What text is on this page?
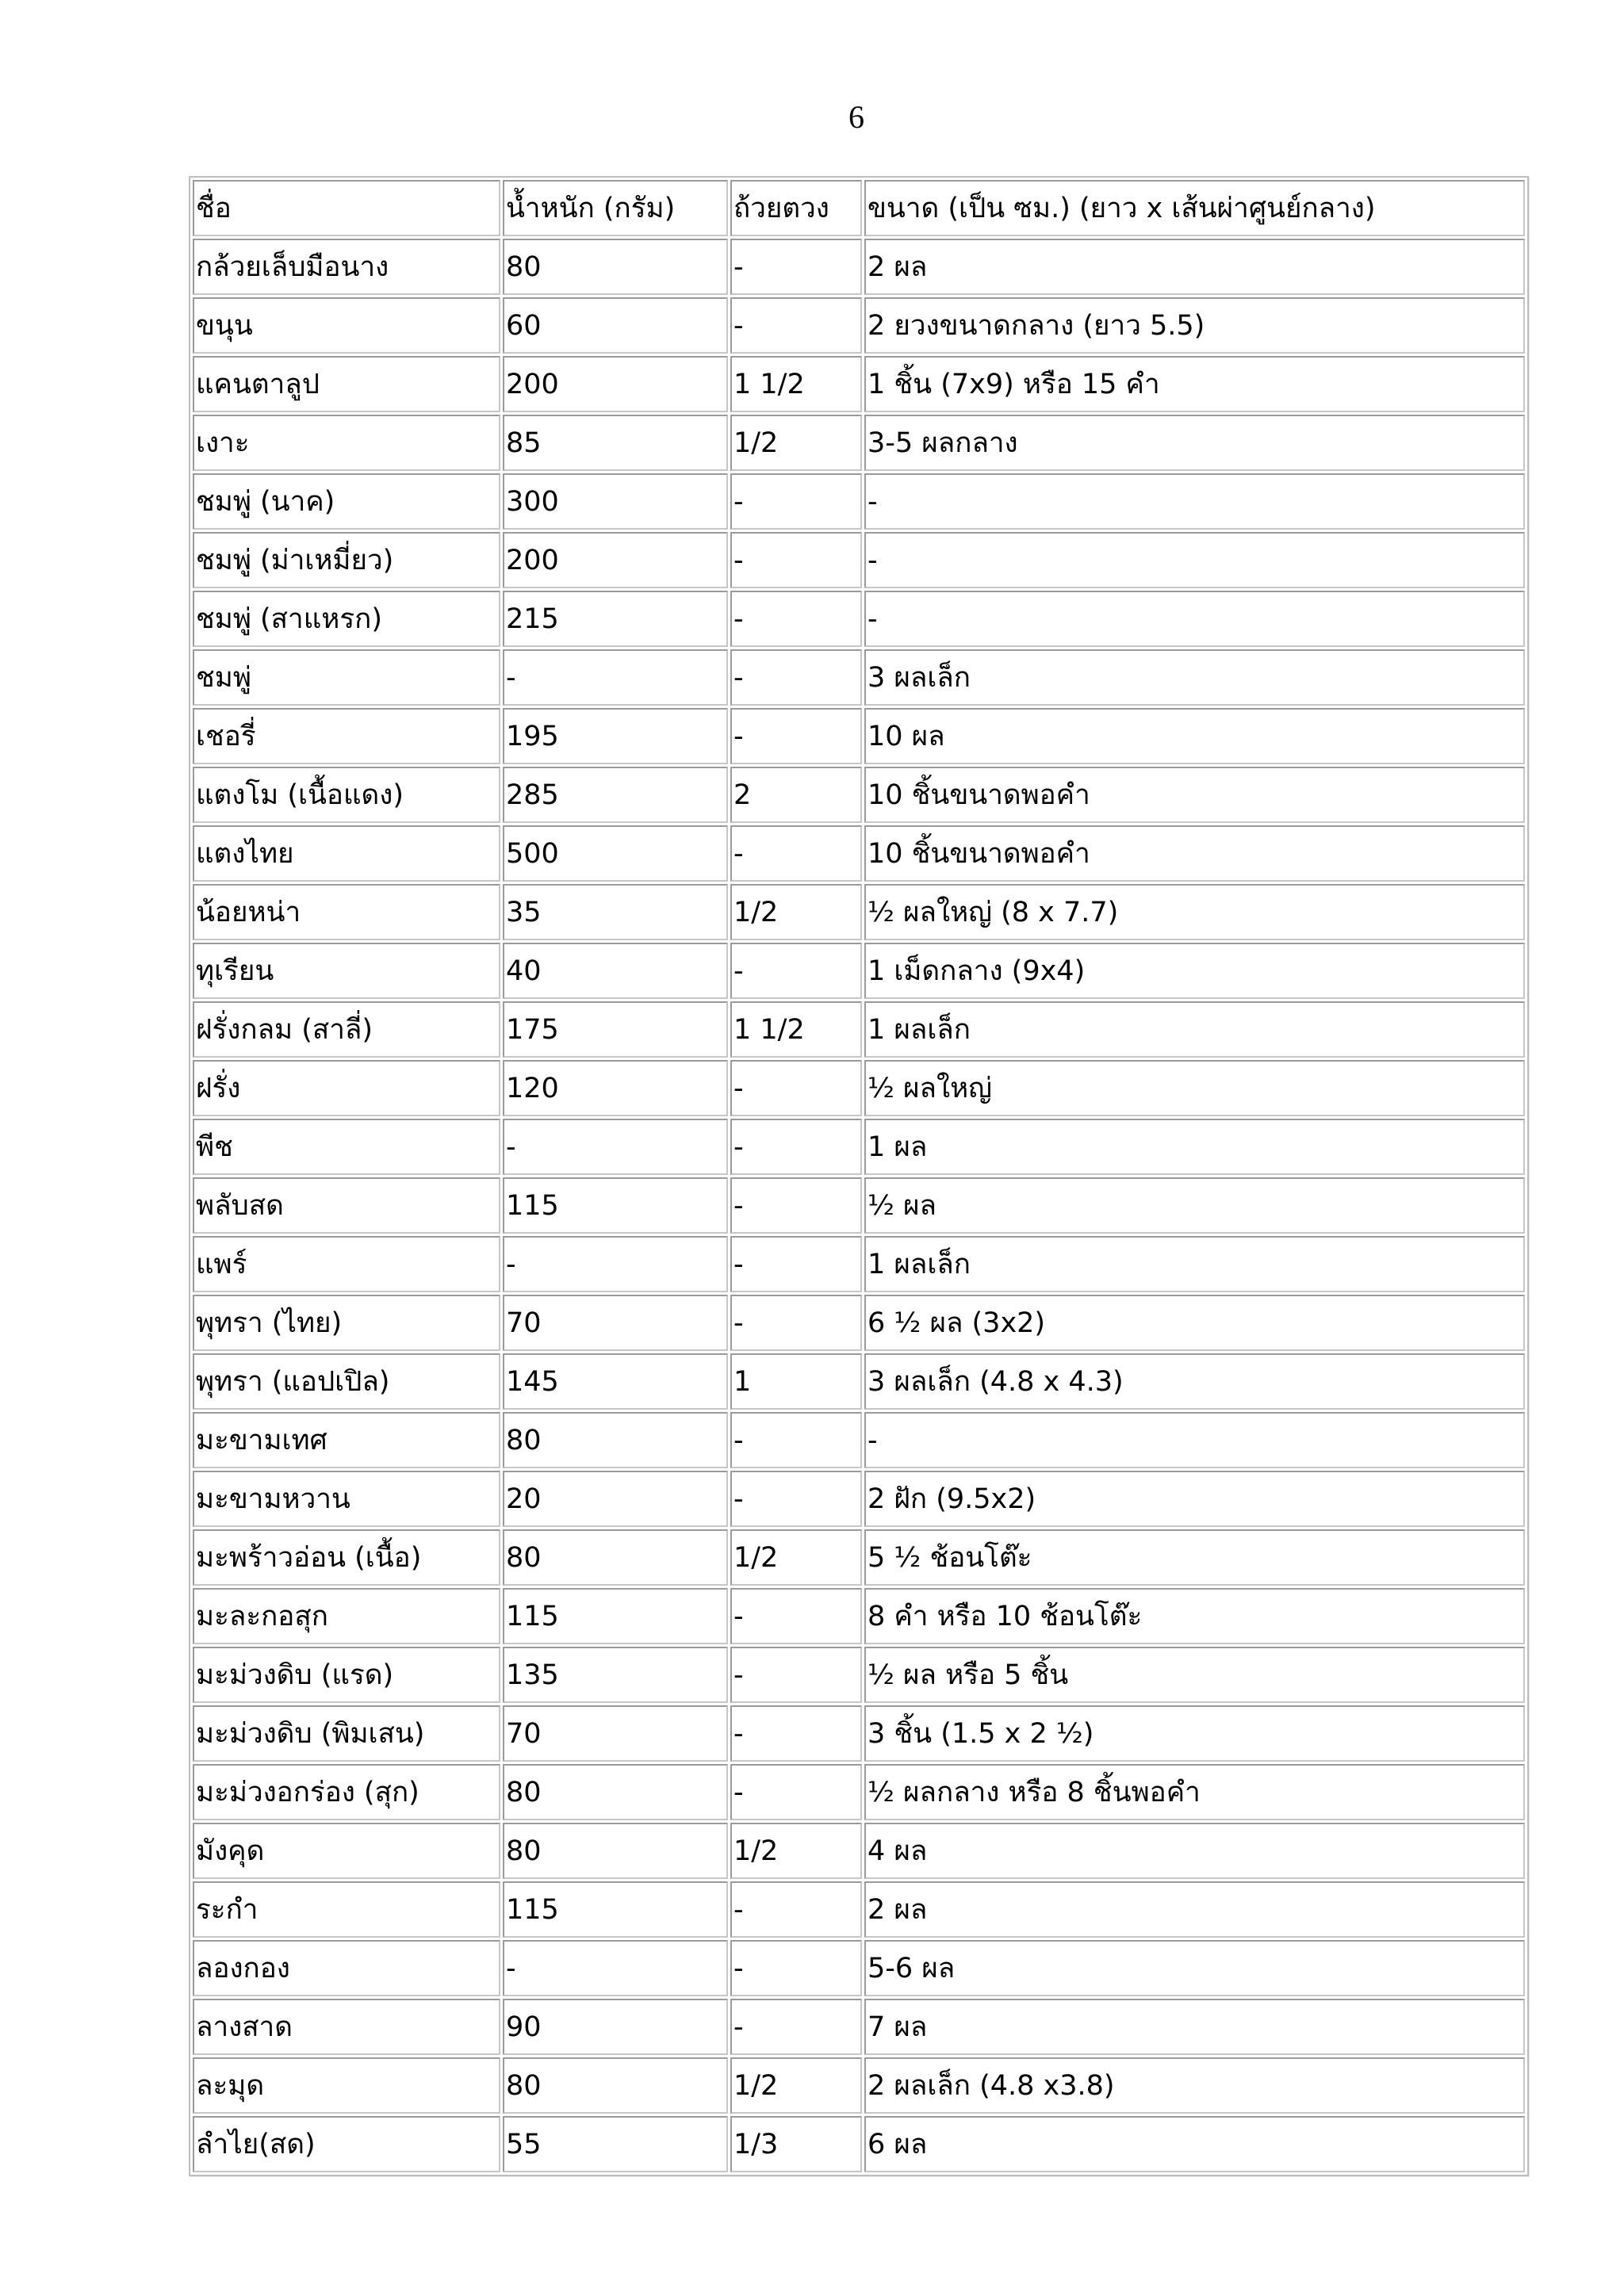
6
ชื่อ	น้ำหนัก (กรัม)	ถ้วยตวง	ขนาด (เป็น ซม.) (ยาว x เส้นผ่าศูนย์กลาง)
กล้วยเล็บมือนาง	80	-	2 ผล
ขนุน	60	-	2 ยวงขนาดกลาง (ยาว 5.5)
แคนตาลูป	200	1 1/2	1 ชิ้น (7x9) หรือ 15 คำ
เงาะ	85	1/2	3-5 ผลกลาง
ชมพู่ (นาค)	300	-	-
ชมพู่ (ม่าเหมี่ยว)	200	-	-
ชมพู่ (สาแหรก)	215	-	-
ชมพู่	-	-	3 ผลเล็ก
เชอรี่	195	-	10 ผล
แตงโม (เนื้อแดง)	285	2	10 ชิ้นขนาดพอคำ
แตงไทย	500	-	10 ชิ้นขนาดพอคำ
น้อยหน่า	35	1/2	½ ผลใหญ่ (8 x 7.7)
ทุเรียน	40	-	1 เม็ดกลาง (9x4)
ฝรั่งกลม (สาลี่)	175	1 1/2	1 ผลเล็ก
ฝรั่ง	120	-	½ ผลใหญ่
พีช	-	-	1 ผล
พลับสด	115	-	½ ผล
แพร์	-	-	1 ผลเล็ก
พุทรา (ไทย)	70	-	6 ½ ผล (3x2)
พุทรา (แอปเปิล)	145	1	3 ผลเล็ก (4.8 x 4.3)
มะขามเทศ	80	-	-
มะขามหวาน	20	-	2 ฝัก (9.5x2)
มะพร้าวอ่อน (เนื้อ)	80	1/2	5 ½ ช้อนโต๊ะ
มะละกอสุก	115	-	8 คำ หรือ 10 ช้อนโต๊ะ
มะม่วงดิบ (แรด)	135	-	½ ผล หรือ 5 ชิ้น
มะม่วงดิบ (พิมเสน)	70	-	3 ชิ้น (1.5 x 2 ½)
มะม่วงอกร่อง (สุก)	80	-	½ ผลกลาง หรือ 8 ชิ้นพอคำ
มังคุด	80	1/2	4 ผล
ระกำ	115	-	2 ผล
ลองกอง	-	-	5-6 ผล
ลางสาด	90	-	7 ผล
ละมุด	80	1/2	2 ผลเล็ก (4.8 x3.8)
ลำไย(สด)	55	1/3	6 ผล
